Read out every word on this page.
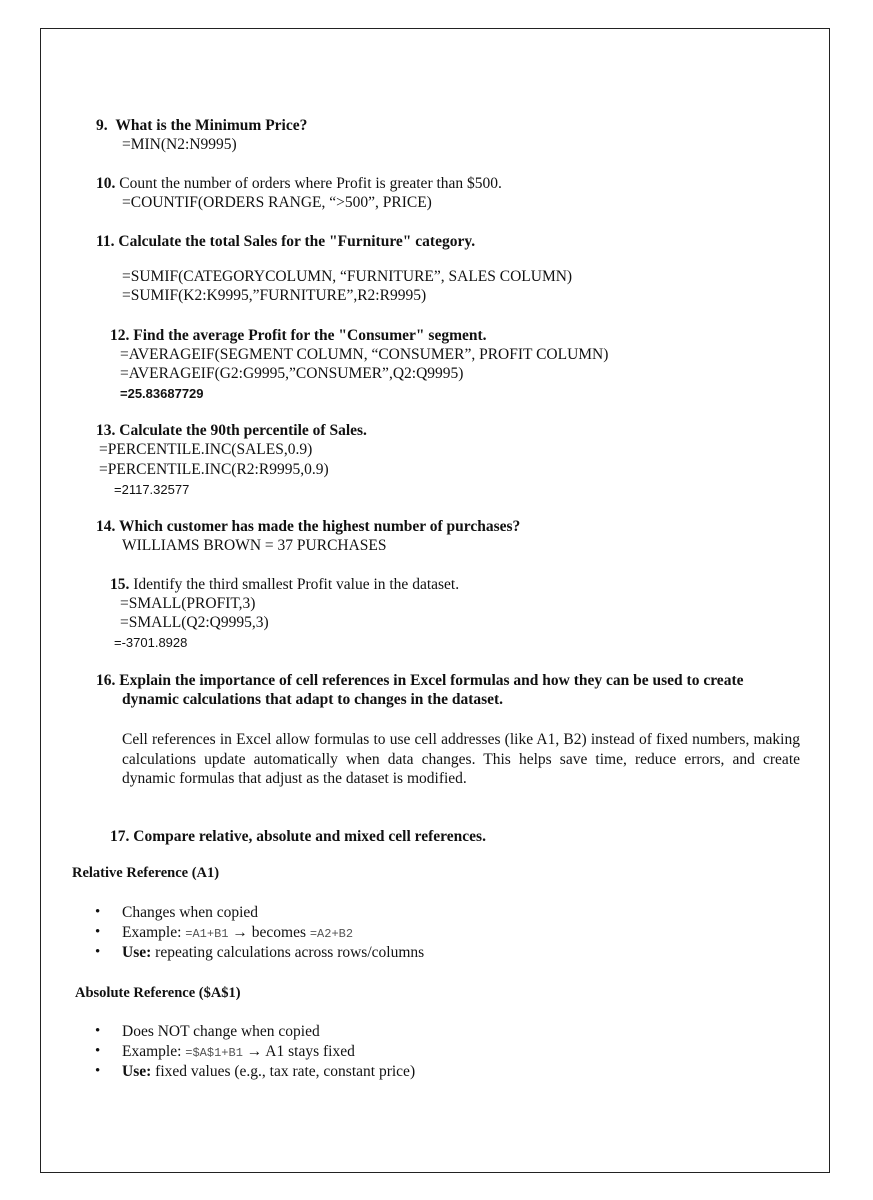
9.  What is the Minimum Price?
=MIN(N2:N9995)
10. Count the number of orders where Profit is greater than $500.
=COUNTIF(ORDERS RANGE, “>500”, PRICE)
11. Calculate the total Sales for the "Furniture" category.
=SUMIF(CATEGORYCOLUMN, “FURNITURE”, SALES COLUMN)
=SUMIF(K2:K9995,”FURNITURE”,R2:R9995)
12. Find the average Profit for the "Consumer" segment.
=AVERAGEIF(SEGMENT COLUMN, “CONSUMER”, PROFIT COLUMN)
=AVERAGEIF(G2:G9995,”CONSUMER”,Q2:Q9995)
=25.83687729
13. Calculate the 90th percentile of Sales.
=PERCENTILE.INC(SALES,0.9)
=PERCENTILE.INC(R2:R9995,0.9)
=2117.32577
14. Which customer has made the highest number of purchases?
WILLIAMS BROWN = 37 PURCHASES
15. Identify the third smallest Profit value in the dataset.
=SMALL(PROFIT,3)
=SMALL(Q2:Q9995,3)
=-3701.8928
16. Explain the importance of cell references in Excel formulas and how they can be used to create
dynamic calculations that adapt to changes in the dataset.
Cell references in Excel allow formulas to use cell addresses (like A1, B2) instead of fixed numbers, making calculations update automatically when data changes. This helps save time, reduce errors, and create dynamic formulas that adjust as the dataset is modified.
17. Compare relative, absolute and mixed cell references.
Relative Reference (A1)
• Changes when copied
• Example: =A1+B1 → becomes =A2+B2
• Use: repeating calculations across rows/columns
Absolute Reference ($A$1)
• Does NOT change when copied
• Example: =$A$1+B1 → A1 stays fixed
• Use: fixed values (e.g., tax rate, constant price)
